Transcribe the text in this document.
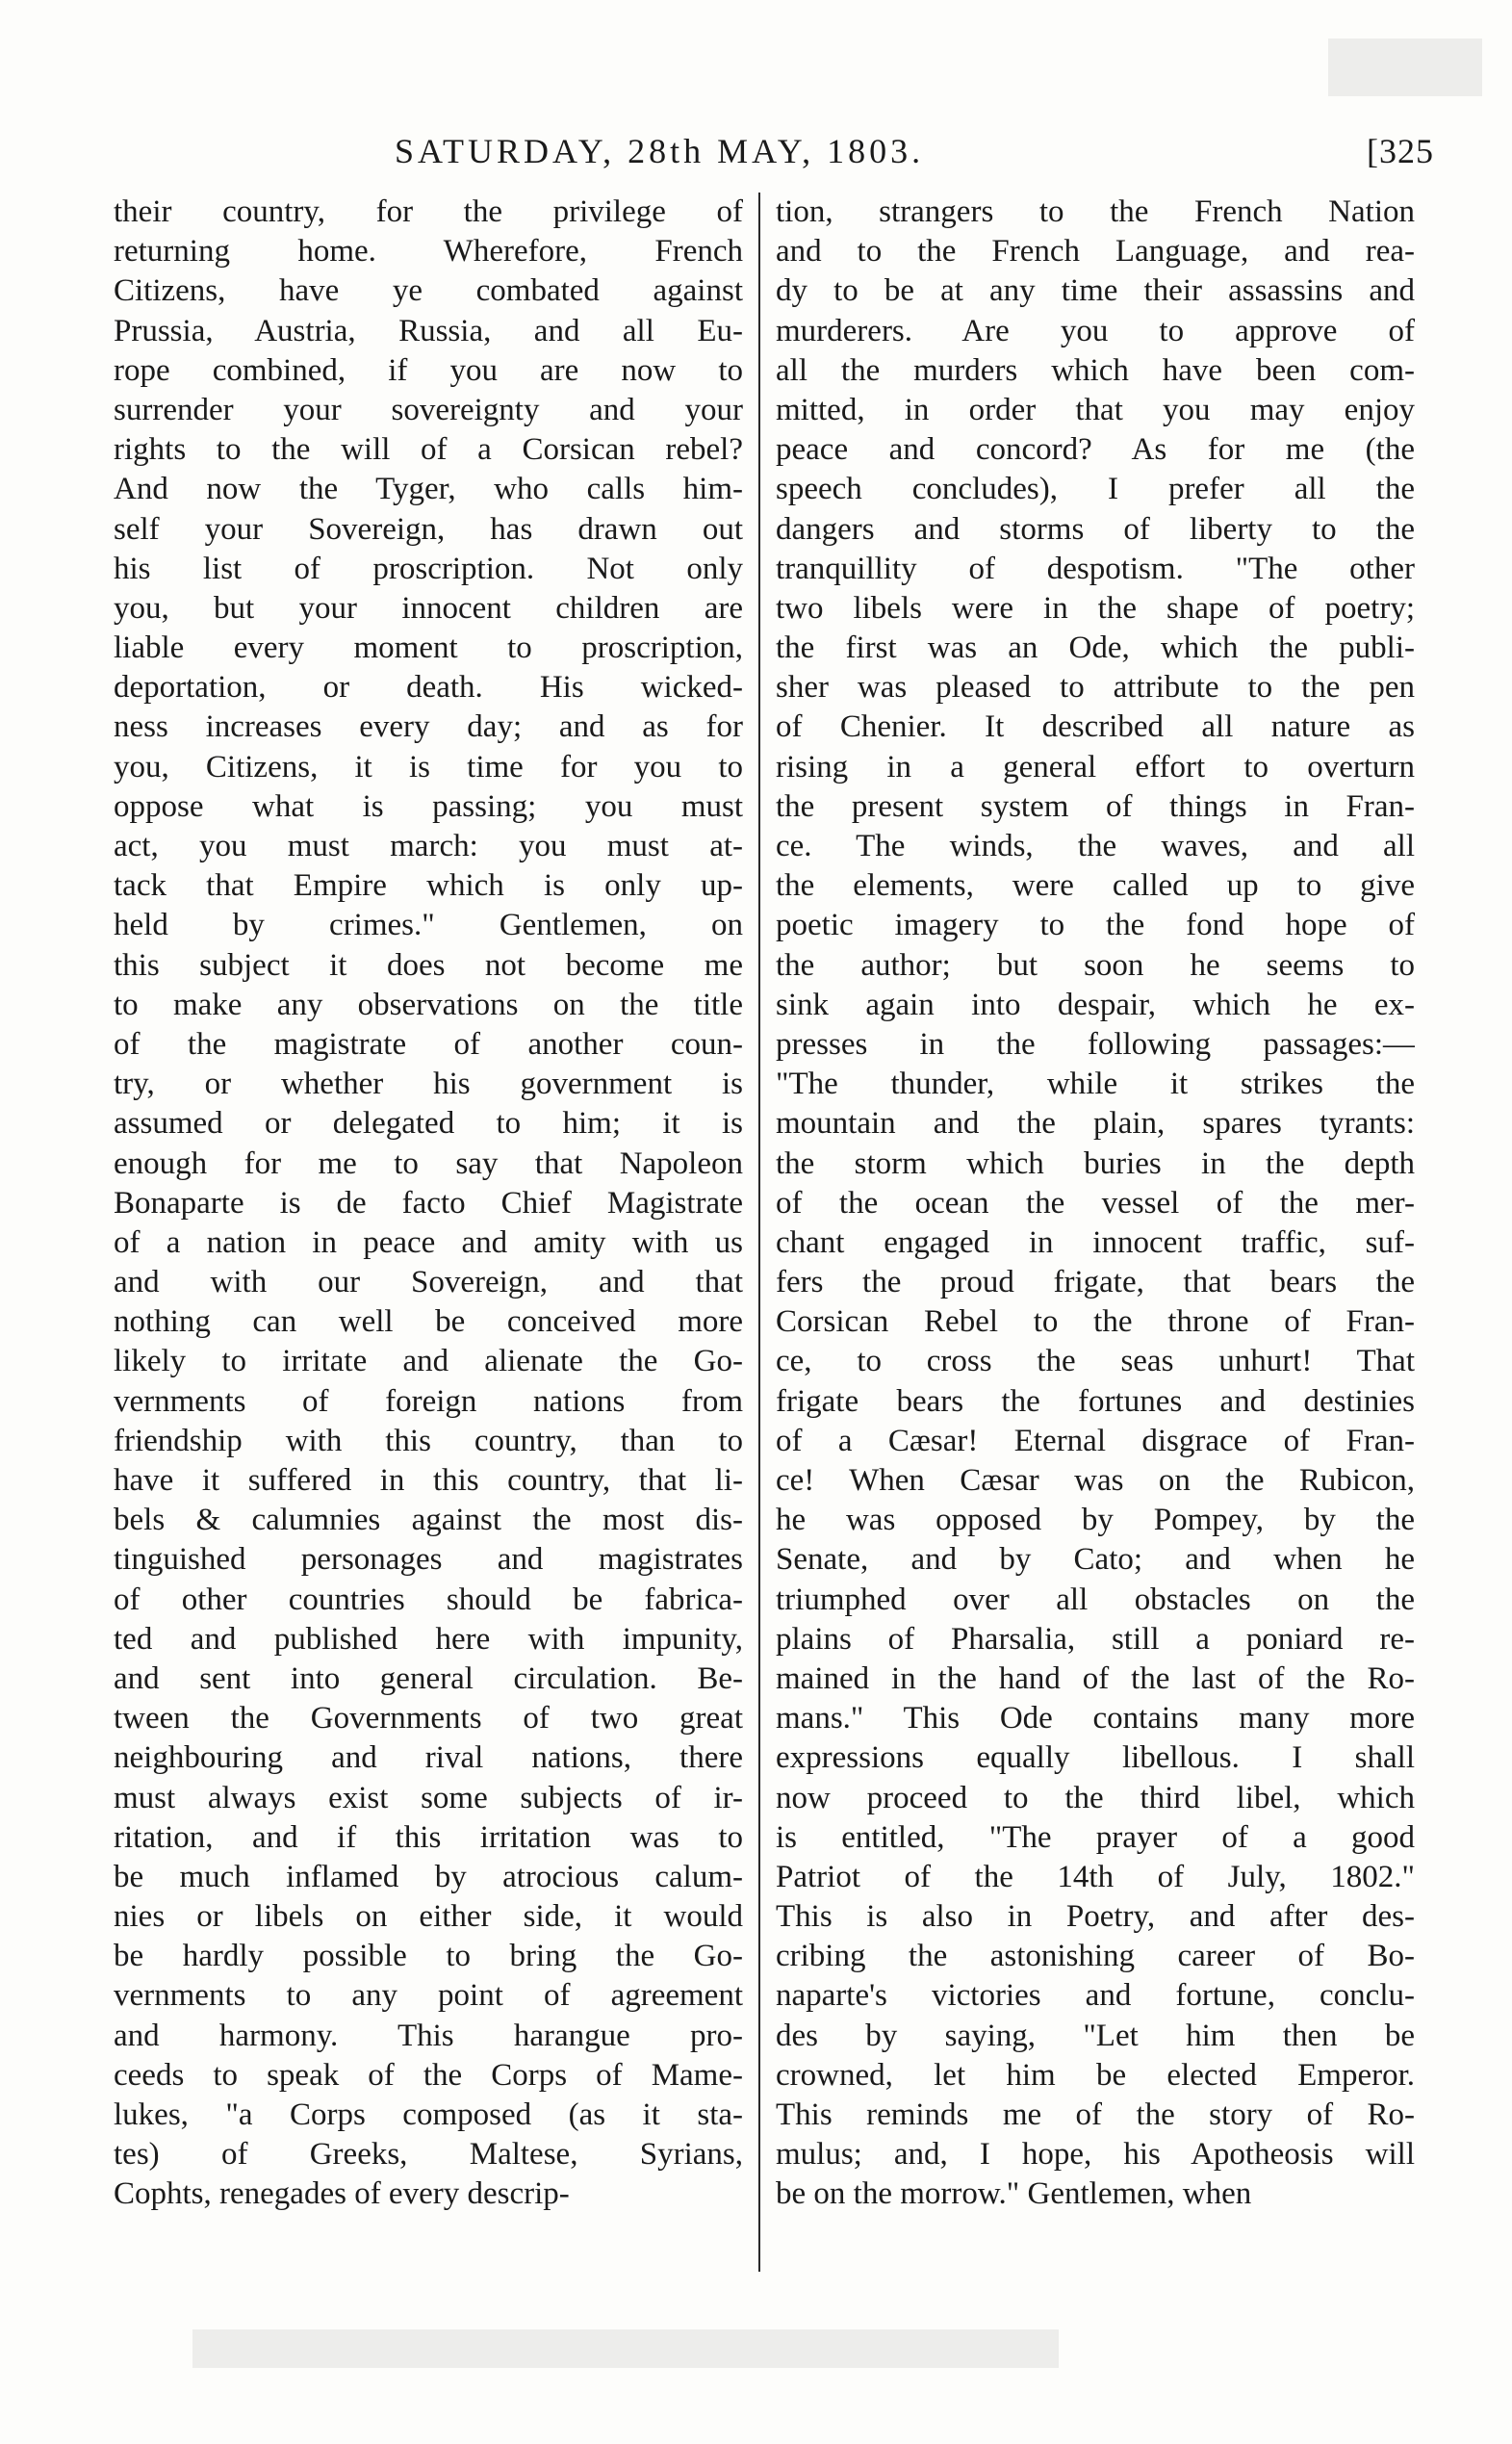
SATURDAY, 28th MAY, 1803.	[325
their country, for the privilege of
returning home. Wherefore, French
Citizens, have ye combated against
Prussia, Austria, Russia, and all Eu-
rope combined, if you are now to
surrender your sovereignty and your
rights to the will of a Corsican rebel?
And now the Tyger, who calls him-
self your Sovereign, has drawn out
his list of proscription. Not only
you, but your innocent children are
liable every moment to proscription,
deportation, or death. His wicked-
ness increases every day; and as for
you, Citizens, it is time for you to
oppose what is passing; you must
act, you must march: you must at-
tack that Empire which is only up-
held by crimes." Gentlemen, on
this subject it does not become me
to make any observations on the title
of the magistrate of another coun-
try, or whether his government is
assumed or delegated to him; it is
enough for me to say that Napoleon
Bonaparte is de facto Chief Magistrate
of a nation in peace and amity with us
and with our Sovereign, and that
nothing can well be conceived more
likely to irritate and alienate the Go-
vernments of foreign nations from
friendship with this country, than to
have it suffered in this country, that li-
bels & calumnies against the most dis-
tinguished personages and magistrates
of other countries should be fabrica-
ted and published here with impunity,
and sent into general circulation. Be-
tween the Governments of two great
neighbouring and rival nations, there
must always exist some subjects of ir-
ritation, and if this irritation was to
be much inflamed by atrocious calum-
nies or libels on either side, it would
be hardly possible to bring the Go-
vernments to any point of agreement
and harmony. This harangue pro-
ceeds to speak of the Corps of Mame-
lukes, "a Corps composed (as it sta-
tes) of Greeks, Maltese, Syrians,
Cophts, renegades of every descrip-
tion, strangers to the French Nation
and to the French Language, and rea-
dy to be at any time their assassins and
murderers. Are you to approve of
all the murders which have been com-
mitted, in order that you may enjoy
peace and concord? As for me (the
speech concludes), I prefer all the
dangers and storms of liberty to the
tranquillity of despotism. "The other
two libels were in the shape of poetry;
the first was an Ode, which the publi-
sher was pleased to attribute to the pen
of Chenier. It described all nature as
rising in a general effort to overturn
the present system of things in Fran-
ce. The winds, the waves, and all
the elements, were called up to give
poetic imagery to the fond hope of
the author; but soon he seems to
sink again into despair, which he ex-
presses in the following passages:—
"The thunder, while it strikes the
mountain and the plain, spares tyrants:
the storm which buries in the depth
of the ocean the vessel of the mer-
chant engaged in innocent traffic, suf-
fers the proud frigate, that bears the
Corsican Rebel to the throne of Fran-
ce, to cross the seas unhurt! That
frigate bears the fortunes and destinies
of a Cæsar! Eternal disgrace of Fran-
ce! When Cæsar was on the Rubicon,
he was opposed by Pompey, by the
Senate, and by Cato; and when he
triumphed over all obstacles on the
plains of Pharsalia, still a poniard re-
mained in the hand of the last of the Ro-
mans." This Ode contains many more
expressions equally libellous. I shall
now proceed to the third libel, which
is entitled, "The prayer of a good
Patriot of the 14th of July, 1802."
This is also in Poetry, and after des-
cribing the astonishing career of Bo-
naparte's victories and fortune, conclu-
des by saying, "Let him then be
crowned, let him be elected Emperor.
This reminds me of the story of Ro-
mulus; and, I hope, his Apotheosis will
be on the morrow." Gentlemen, when
